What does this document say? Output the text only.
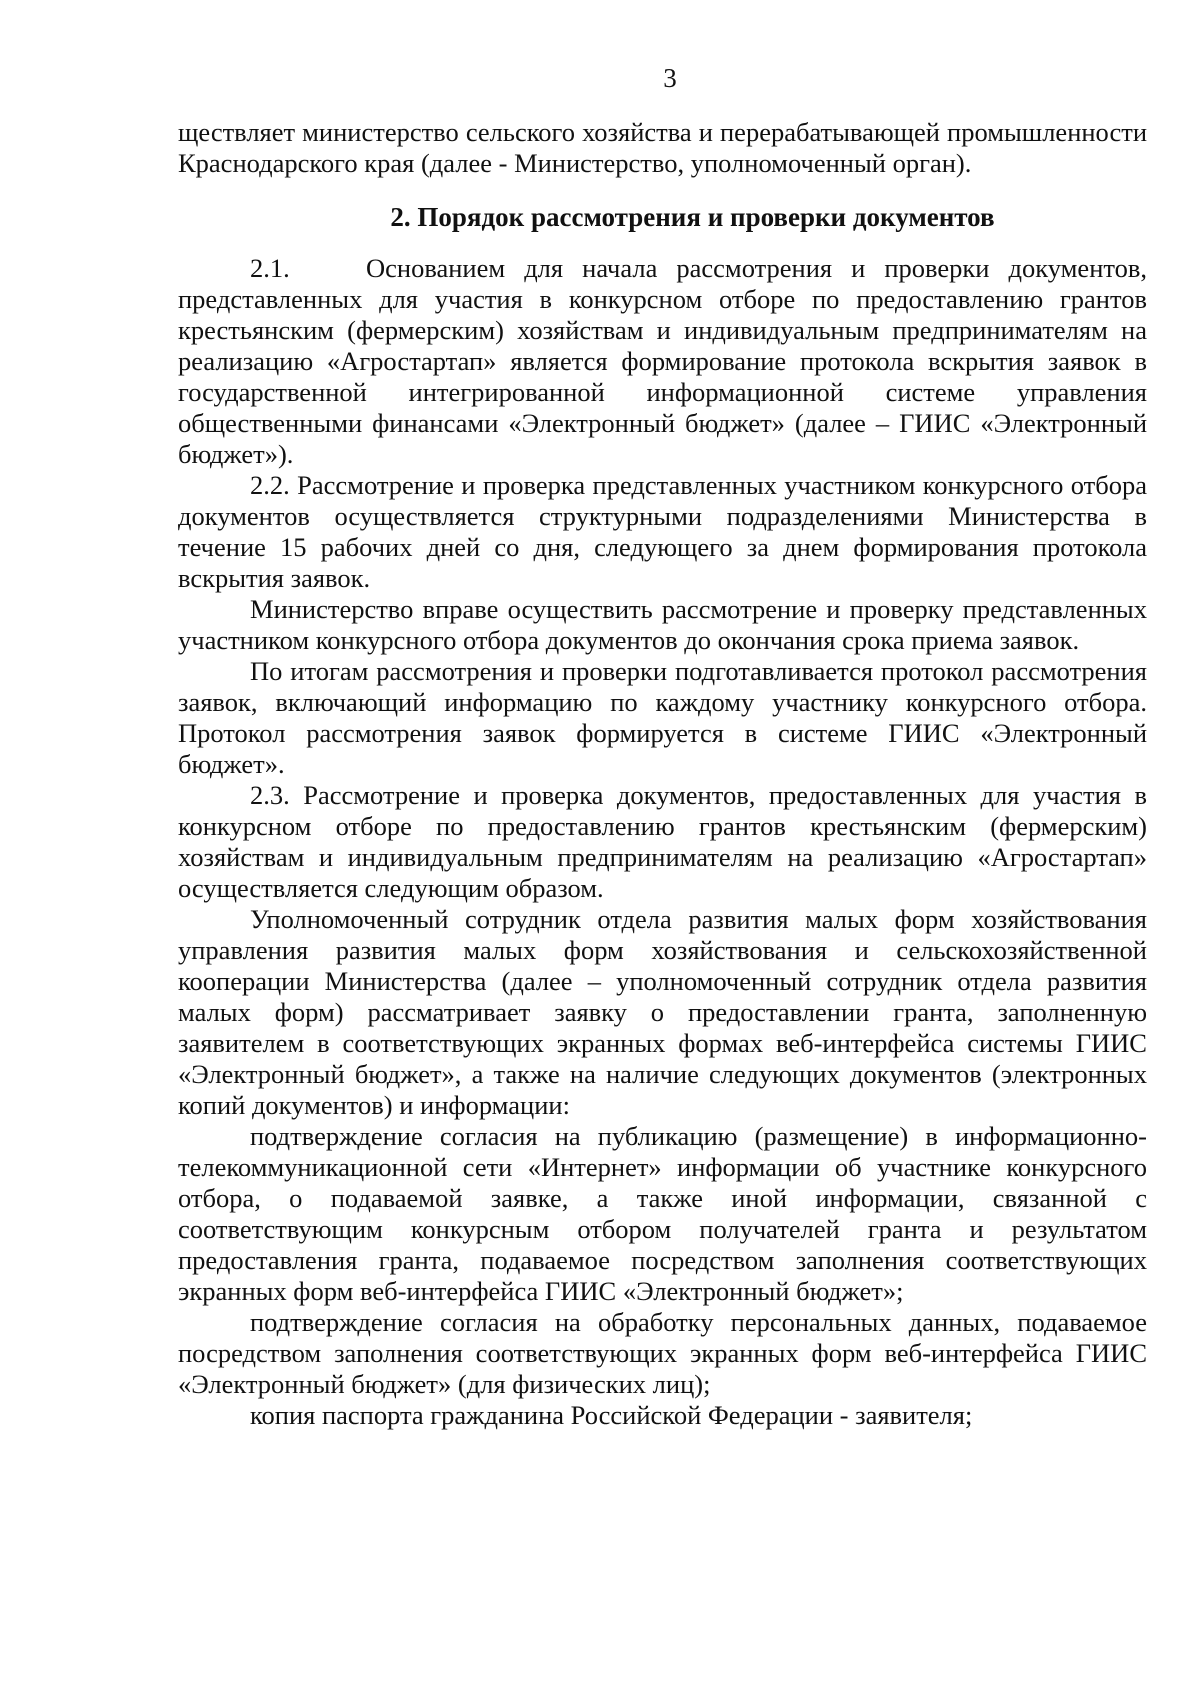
3

ществляет министерство сельского хозяйства и перерабатывающей промышленности Краснодарского края (далее - Министерство, уполномоченный орган).

2. Порядок рассмотрения и проверки документов

2.1.	Основанием для начала рассмотрения и проверки документов, представленных для участия в конкурсном отборе по предоставлению грантов крестьянским (фермерским) хозяйствам и индивидуальным предпринимателям на реализацию «Агростартап» является формирование протокола вскрытия заявок в государственной интегрированной информационной системе управления общественными финансами «Электронный бюджет» (далее – ГИИС «Электронный бюджет»).

2.2. Рассмотрение и проверка представленных участником конкурсного отбора документов осуществляется структурными подразделениями Министерства в течение 15 рабочих дней со дня, следующего за днем формирования протокола вскрытия заявок.

Министерство вправе осуществить рассмотрение и проверку представленных участником конкурсного отбора документов до окончания срока приема заявок.

По итогам рассмотрения и проверки подготавливается протокол рассмотрения заявок, включающий информацию по каждому участнику конкурсного отбора. Протокол рассмотрения заявок формируется в системе ГИИС «Электронный бюджет».

2.3. Рассмотрение и проверка документов, предоставленных для участия в конкурсном отборе по предоставлению грантов крестьянским (фермерским) хозяйствам и индивидуальным предпринимателям на реализацию «Агростартап» осуществляется следующим образом.

Уполномоченный сотрудник отдела развития малых форм хозяйствования управления развития малых форм хозяйствования и сельскохозяйственной кооперации Министерства (далее – уполномоченный сотрудник отдела развития малых форм) рассматривает заявку о предоставлении гранта, заполненную заявителем в соответствующих экранных формах веб-интерфейса системы ГИИС «Электронный бюджет», а также на наличие следующих документов (электронных копий документов) и информации:

подтверждение согласия на публикацию (размещение) в информационно-телекоммуникационной сети «Интернет» информации об участнике конкурсного отбора, о подаваемой заявке, а также иной информации, связанной с соответствующим конкурсным отбором получателей гранта и результатом предоставления гранта, подаваемое посредством заполнения соответствующих экранных форм веб-интерфейса ГИИС «Электронный бюджет»;

подтверждение согласия на обработку персональных данных, подаваемое посредством заполнения соответствующих экранных форм веб-интерфейса ГИИС «Электронный бюджет» (для физических лиц);

копия паспорта гражданина Российской Федерации - заявителя;
